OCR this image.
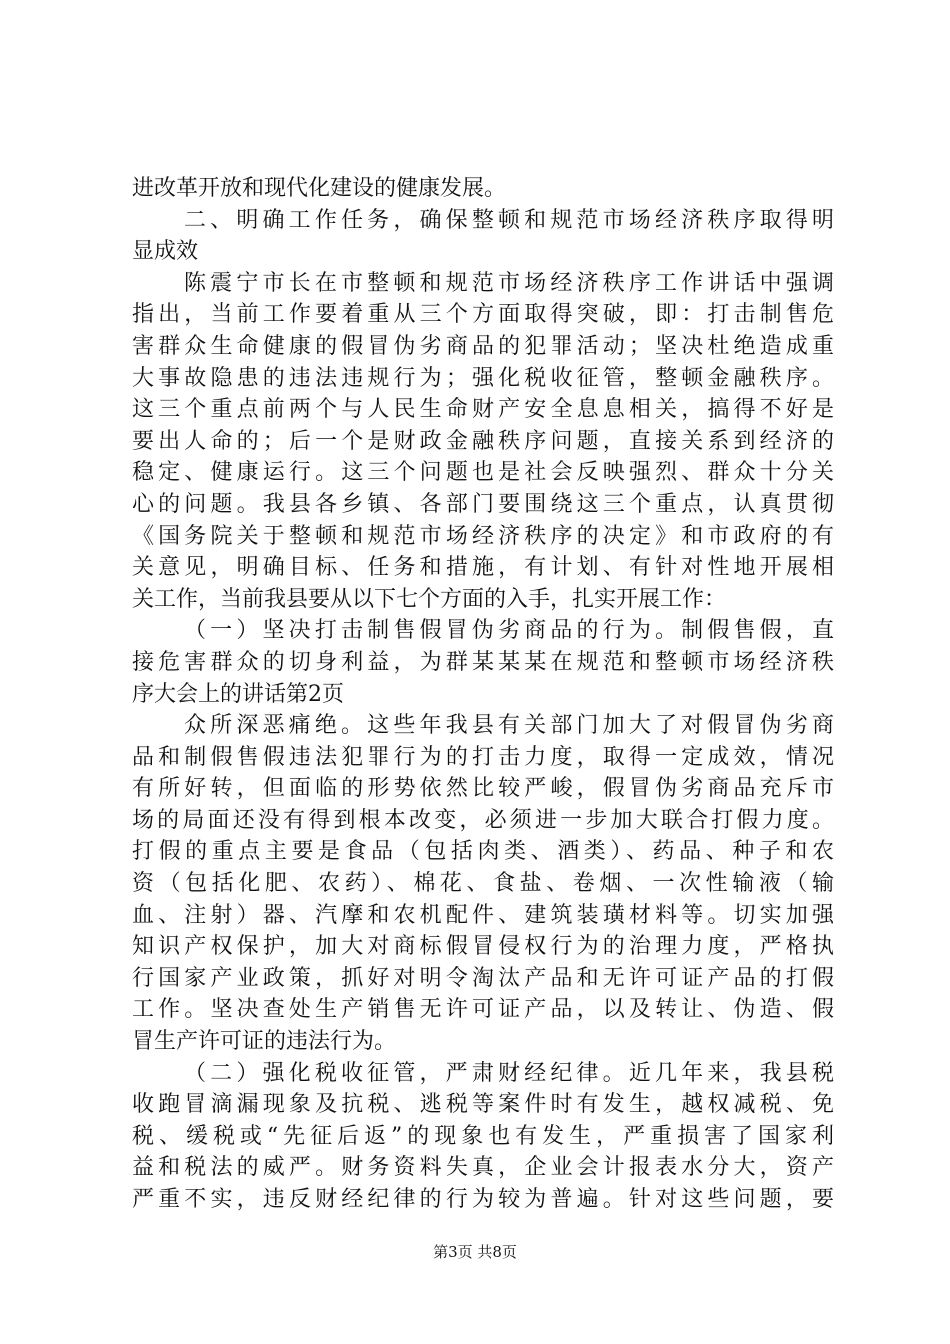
进改革开放和现代化建设的健康发展。
二、明确工作任务，确保整顿和规范市场经济秩序取得明
显成效
陈震宁市长在市整顿和规范市场经济秩序工作讲话中强调
指出，当前工作要着重从三个方面取得突破，即：打击制售危
害群众生命健康的假冒伪劣商品的犯罪活动；坚决杜绝造成重
大事故隐患的违法违规行为；强化税收征管，整顿金融秩序。
这三个重点前两个与人民生命财产安全息息相关，搞得不好是
要出人命的；后一个是财政金融秩序问题，直接关系到经济的
稳定、健康运行。这三个问题也是社会反映强烈、群众十分关
心的问题。我县各乡镇、各部门要围绕这三个重点，认真贯彻
《国务院关于整顿和规范市场经济秩序的决定》和市政府的有
关意见，明确目标、任务和措施，有计划、有针对性地开展相
关工作，当前我县要从以下七个方面的入手，扎实开展工作：
（一）坚决打击制售假冒伪劣商品的行为。制假售假，直
接危害群众的切身利益，为群某某某在规范和整顿市场经济秩
序大会上的讲话第2页
众所深恶痛绝。这些年我县有关部门加大了对假冒伪劣商
品和制假售假违法犯罪行为的打击力度，取得一定成效，情况
有所好转，但面临的形势依然比较严峻，假冒伪劣商品充斥市
场的局面还没有得到根本改变，必须进一步加大联合打假力度。
打假的重点主要是食品（包括肉类、酒类）、药品、种子和农
资（包括化肥、农药）、棉花、食盐、卷烟、一次性输液（输
血、注射）器、汽摩和农机配件、建筑装璜材料等。切实加强
知识产权保护，加大对商标假冒侵权行为的治理力度，严格执
行国家产业政策，抓好对明令淘汰产品和无许可证产品的打假
工作。坚决查处生产销售无许可证产品，以及转让、伪造、假
冒生产许可证的违法行为。
（二）强化税收征管，严肃财经纪律。近几年来，我县税
收跑冒滴漏现象及抗税、逃税等案件时有发生，越权减税、免
税、缓税或“先征后返”的现象也有发生，严重损害了国家利
益和税法的威严。财务资料失真，企业会计报表水分大，资产
严重不实，违反财经纪律的行为较为普遍。针对这些问题，要
第3页 共8页
